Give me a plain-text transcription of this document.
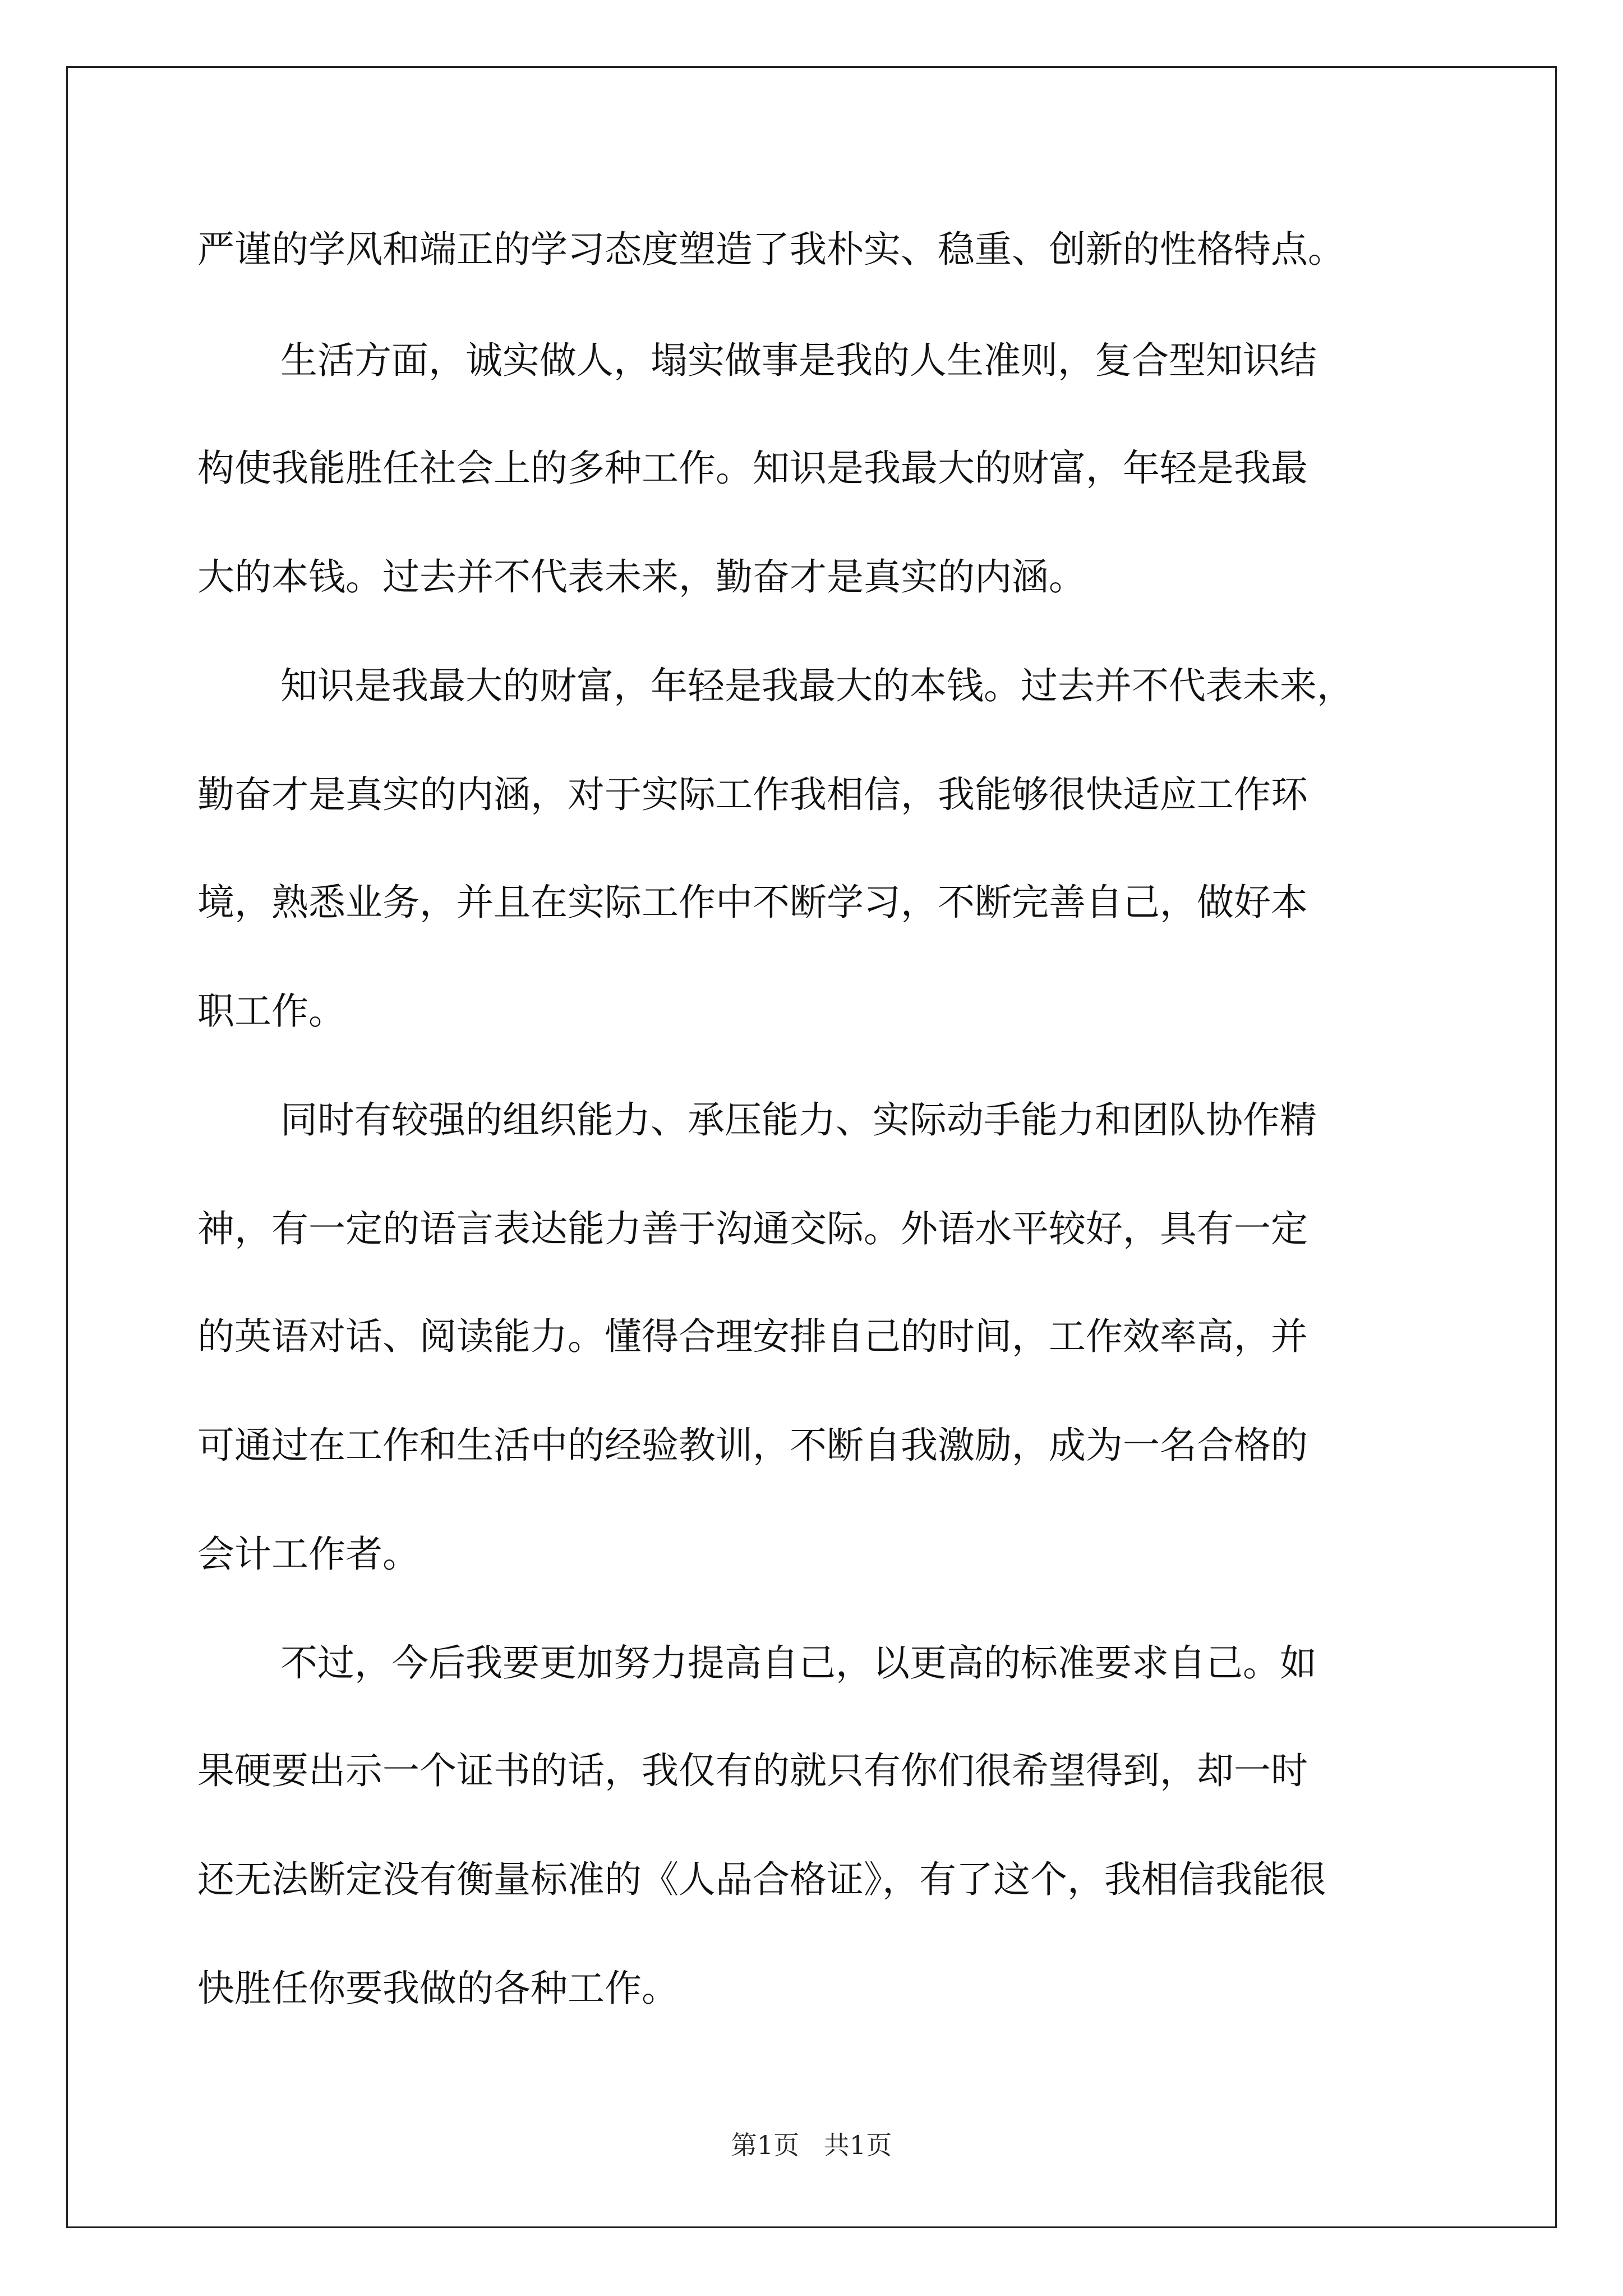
严谨的学风和端正的学习态度塑造了我朴实、稳重、创新的性格特点。
生活方面，诚实做人，塌实做事是我的人生准则，复合型知识结
构使我能胜任社会上的多种工作。知识是我最大的财富，年轻是我最
大的本钱。过去并不代表未来，勤奋才是真实的内涵。
知识是我最大的财富，年轻是我最大的本钱。过去并不代表未来，
勤奋才是真实的内涵，对于实际工作我相信，我能够很快适应工作环
境，熟悉业务，并且在实际工作中不断学习，不断完善自己，做好本
职工作。
同时有较强的组织能力、承压能力、实际动手能力和团队协作精
神，有一定的语言表达能力善于沟通交际。外语水平较好，具有一定
的英语对话、阅读能力。懂得合理安排自己的时间，工作效率高，并
可通过在工作和生活中的经验教训，不断自我激励，成为一名合格的
会计工作者。
不过，今后我要更加努力提高自己，以更高的标准要求自己。如
果硬要出示一个证书的话，我仅有的就只有你们很希望得到，却一时
还无法断定没有衡量标准的《人品合格证》，有了这个，我相信我能很
快胜任你要我做的各种工作。
第1页   共1页
